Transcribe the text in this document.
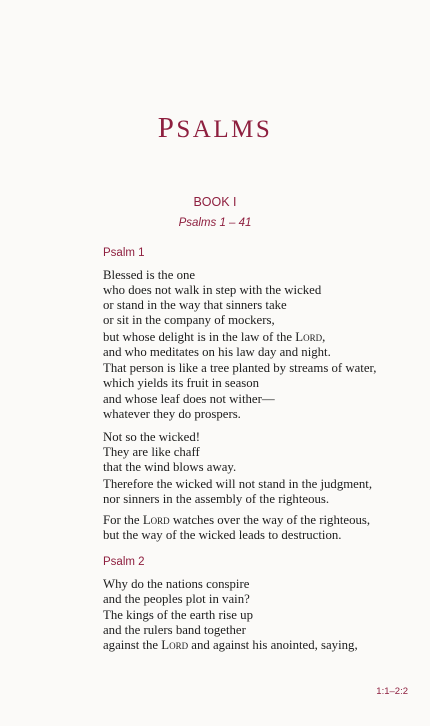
PSALMS
BOOK I
Psalms 1 – 41
Psalm 1
Blessed is the one
who does not walk in step with the wicked
or stand in the way that sinners take
or sit in the company of mockers,
but whose delight is in the law of the Lord,
and who meditates on his law day and night.
That person is like a tree planted by streams of water,
which yields its fruit in season
and whose leaf does not wither—
whatever they do prospers.
Not so the wicked!
They are like chaff
that the wind blows away.
Therefore the wicked will not stand in the judgment,
nor sinners in the assembly of the righteous.
For the Lord watches over the way of the righteous,
but the way of the wicked leads to destruction.
Psalm 2
Why do the nations conspire
and the peoples plot in vain?
The kings of the earth rise up
and the rulers band together
against the Lord and against his anointed, saying,
1:1–2:2
